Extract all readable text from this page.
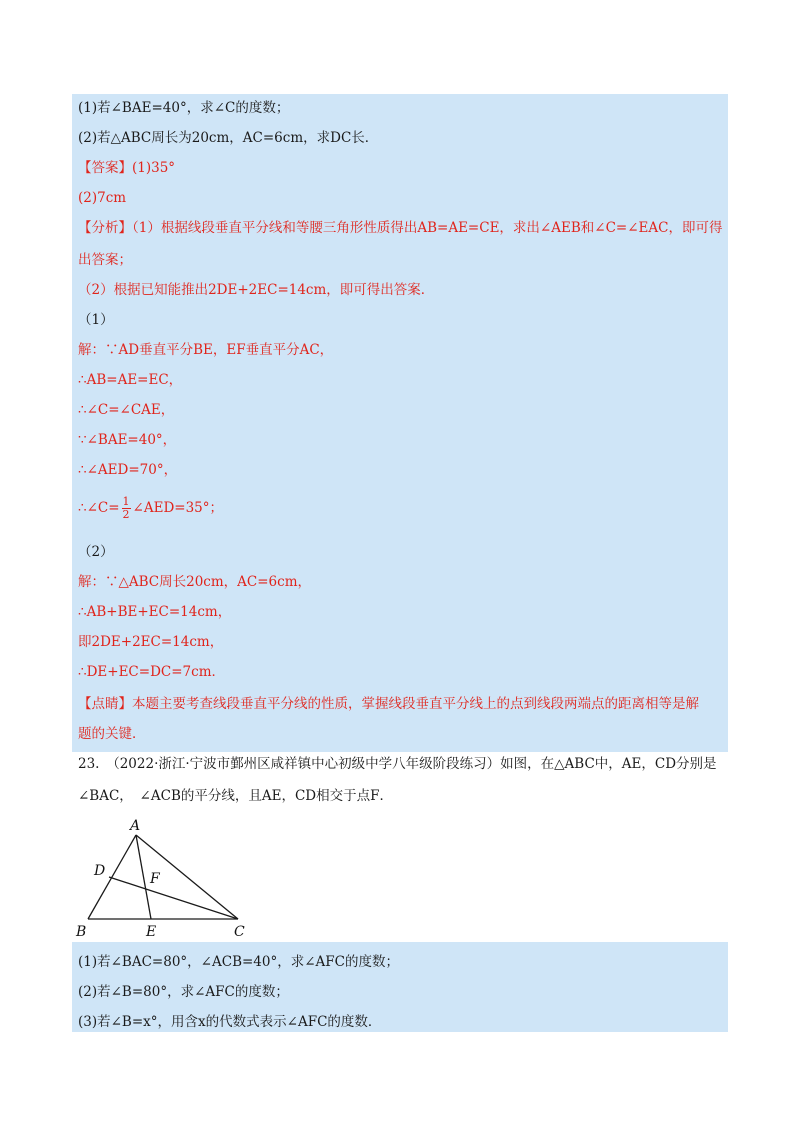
(1)若∠BAE=40°，求∠C的度数；
(2)若△ABC周长为20cm，AC=6cm，求DC长．
【答案】(1)35°
(2)7cm
【分析】（1）根据线段垂直平分线和等腰三角形性质得出AB=AE=CE，求出∠AEB和∠C=∠EAC，即可得
出答案；
（2）根据已知能推出2DE+2EC=14cm，即可得出答案．
（1）
解：∵AD垂直平分BE，EF垂直平分AC，
∴AB=AE=EC，
∴∠C=∠CAE，
∵∠BAE=40°，
∴∠AED=70°，
∴∠C= $\frac{1}{2}$ ∠AED=35°；
（2）
解：∵△ABC周长20cm，AC=6cm，
∴AB+BE+EC=14cm，
即2DE+2EC=14cm，
∴DE+EC=DC=7cm．
【点睛】本题主要考查线段垂直平分线的性质，掌握线段垂直平分线上的点到线段两端点的距离相等是解
题的关键．
23.　（2022·浙江·宁波市鄞州区咸祥镇中心初级中学八年级阶段练习）如图，在△ABC中，AE，CD分别是
∠BAC，　∠ACB的平分线，且AE，CD相交于点F．
A
B	C
D
E
F
(1)若∠BAC=80°，∠ACB=40°，求∠AFC的度数；
(2)若∠B=80°，求∠AFC的度数；
(3)若∠B=x°，用含x的代数式表示∠AFC的度数．
